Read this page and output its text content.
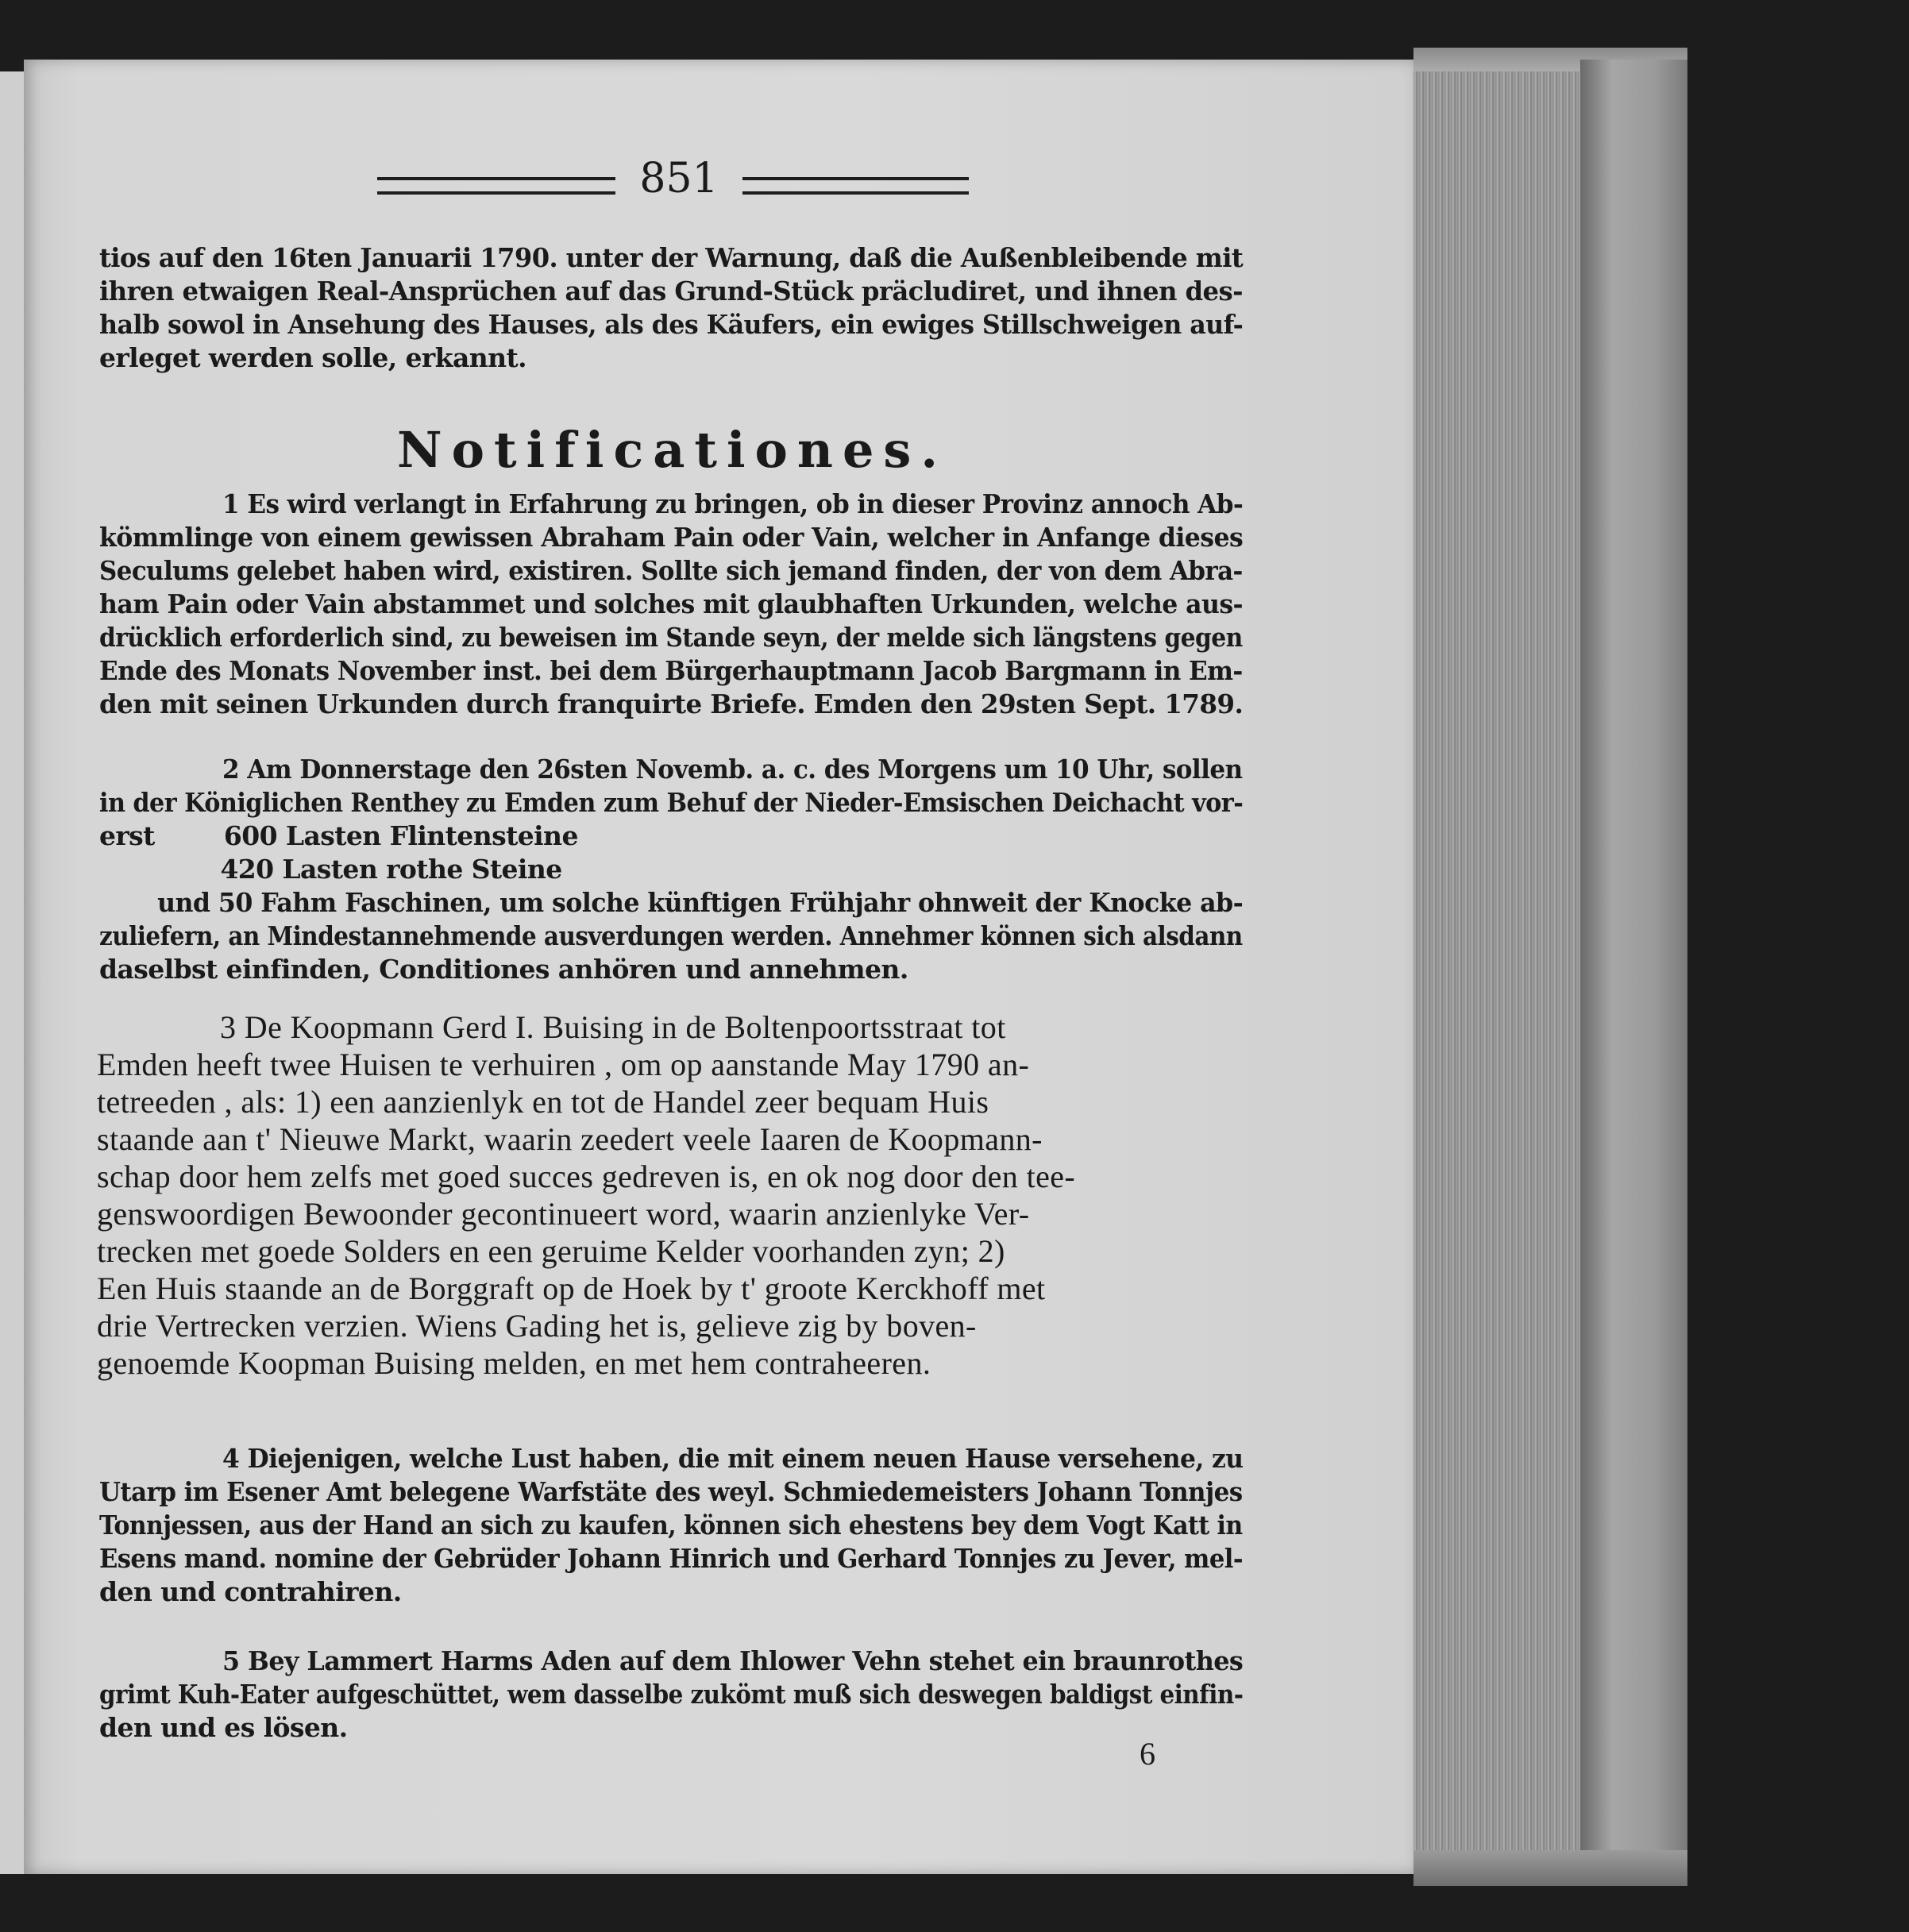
851
tios auf den 16ten Januarii 1790. unter der Warnung, daß die Außenbleibende mit
ihren etwaigen Real-Ansprüchen auf das Grund-Stück präcludiret, und ihnen des-
halb sowol in Ansehung des Hauses, als des Käufers, ein ewiges Stillschweigen auf-
erleget werden solle, erkannt.
Notificationes.
1 Es wird verlangt in Erfahrung zu bringen, ob in dieser Provinz annoch Ab-
kömmlinge von einem gewissen Abraham Pain oder Vain, welcher in Anfange dieses
Seculums gelebet haben wird, existiren. Sollte sich jemand finden, der von dem Abra-
ham Pain oder Vain abstammet und solches mit glaubhaften Urkunden, welche aus-
drücklich erforderlich sind, zu beweisen im Stande seyn, der melde sich längstens gegen
Ende des Monats November inst. bei dem Bürgerhauptmann Jacob Bargmann in Em-
den mit seinen Urkunden durch franquirte Briefe. Emden den 29sten Sept. 1789.
2 Am Donnerstage den 26sten Novemb. a. c. des Morgens um 10 Uhr, sollen
in der Königlichen Renthey zu Emden zum Behuf der Nieder-Emsischen Deichacht vor-
erst        600 Lasten Flintensteine
420 Lasten rothe Steine
und 50 Fahm Faschinen, um solche künftigen Frühjahr ohnweit der Knocke ab-
zuliefern, an Mindestannehmende ausverdungen werden. Annehmer können sich alsdann
daselbst einfinden, Conditiones anhören und annehmen.
3 De Koopmann Gerd I. Buising in de Boltenpoortsstraat tot
Emden heeft twee Huisen te verhuiren , om op aanstande May 1790 an-
tetreeden , als: 1) een aanzienlyk en tot de Handel zeer bequam Huis
staande aan t' Nieuwe Markt, waarin zeedert veele Iaaren de Koopmann-
schap door hem zelfs met goed succes gedreven is, en ok nog door den tee-
genswoordigen Bewoonder gecontinueert word, waarin anzienlyke Ver-
trecken met goede Solders en een geruime Kelder voorhanden zyn; 2)
Een Huis staande an de Borggraft op de Hoek by t' groote Kerckhoff met
drie Vertrecken verzien. Wiens Gading het is, gelieve zig by boven-
genoemde Koopman Buising melden, en met hem contraheeren.
4 Diejenigen, welche Lust haben, die mit einem neuen Hause versehene, zu
Utarp im Esener Amt belegene Warfstäte des weyl. Schmiedemeisters Johann Tonnjes
Tonnjessen, aus der Hand an sich zu kaufen, können sich ehestens bey dem Vogt Katt in
Esens mand. nomine der Gebrüder Johann Hinrich und Gerhard Tonnjes zu Jever, mel-
den und contrahiren.
5 Bey Lammert Harms Aden auf dem Ihlower Vehn stehet ein braunrothes
grimt Kuh-Eater aufgeschüttet, wem dasselbe zukömt muß sich deswegen baldigst einfin-
den und es lösen.
6
